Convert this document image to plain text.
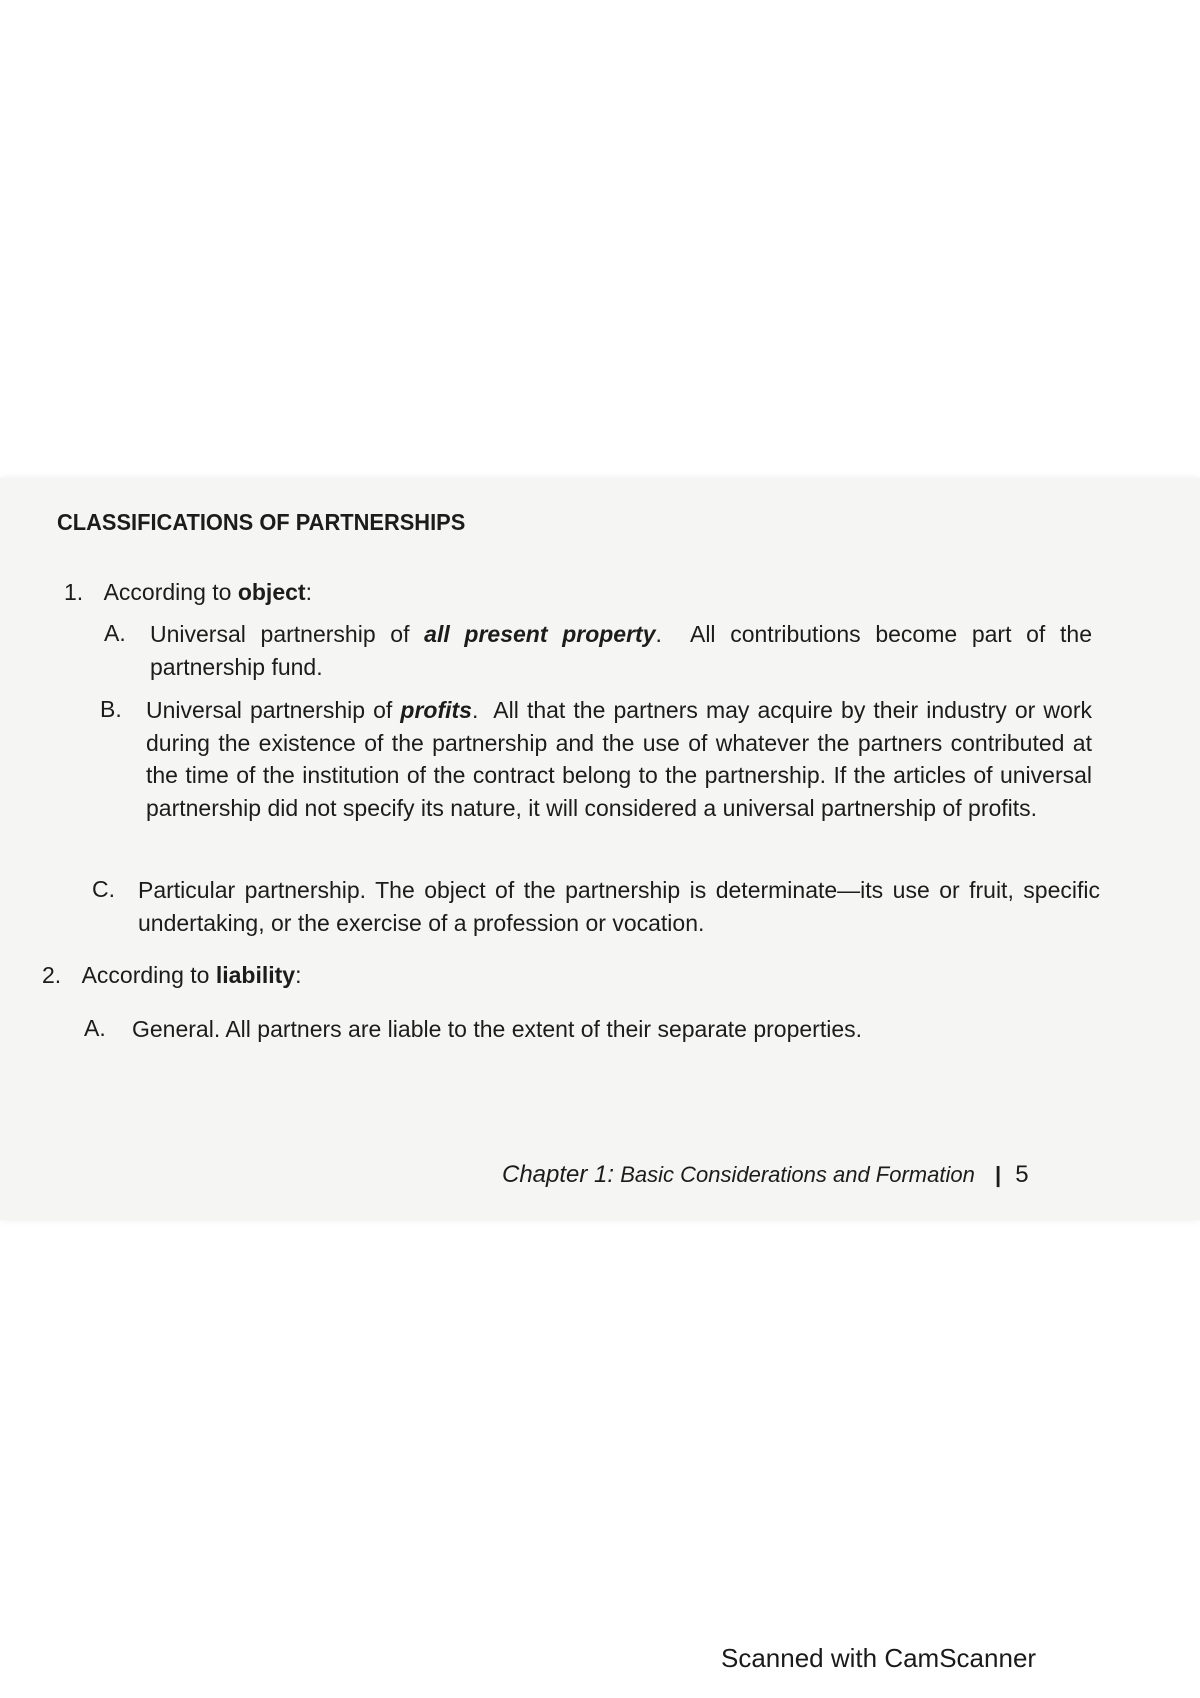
CLASSIFICATIONS OF PARTNERSHIPS
1. According to object:
A. Universal partnership of all present property. All contributions become part of the partnership fund.
B. Universal partnership of profits. All that the partners may acquire by their industry or work during the existence of the partnership and the use of whatever the partners contributed at the time of the institution of the contract belong to the partnership. If the articles of universal partnership did not specify its nature, it will considered a universal partnership of profits.
C. Particular partnership. The object of the partnership is determinate—its use or fruit, specific undertaking, or the exercise of a profession or vocation.
2. According to liability:
A. General. All partners are liable to the extent of their separate properties.
Chapter 1: Basic Considerations and Formation | 5
Scanned with CamScanner
